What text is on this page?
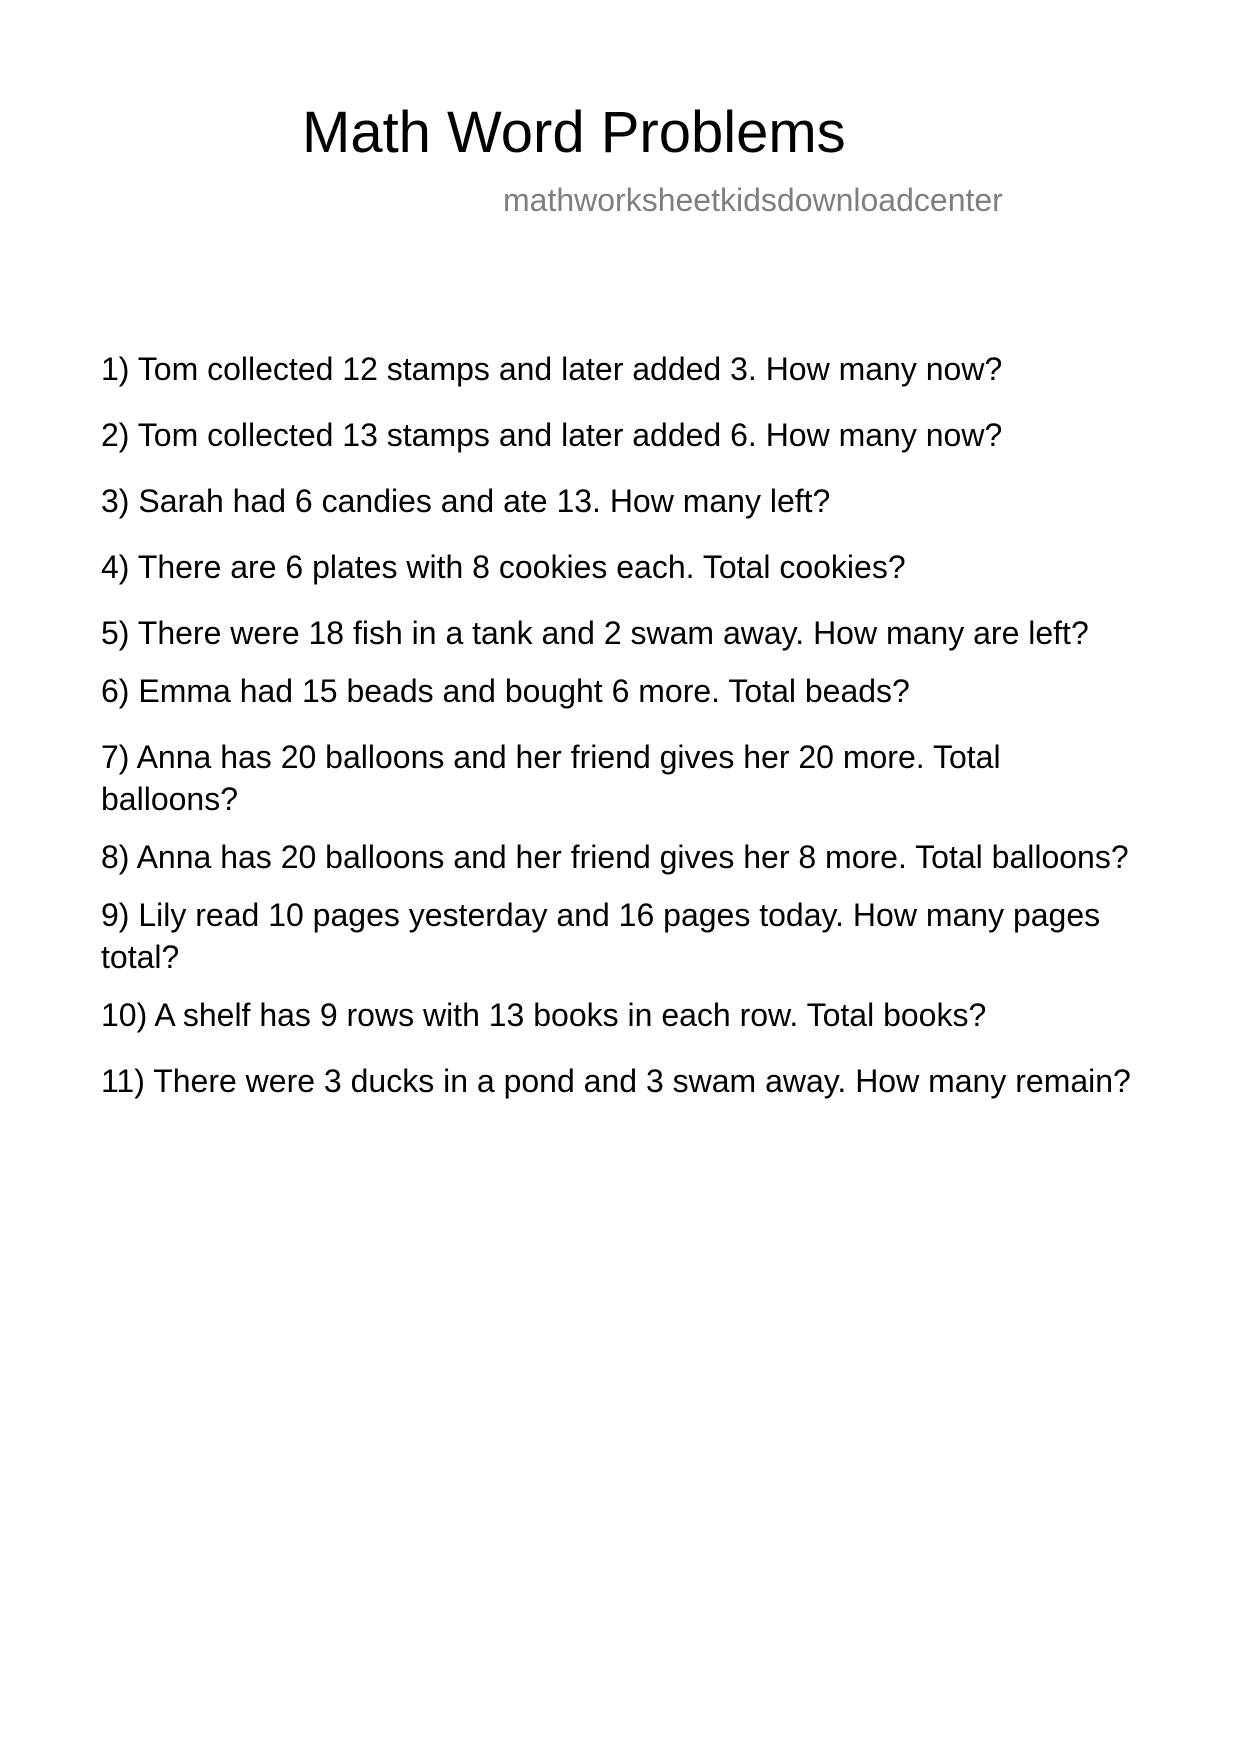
Math Word Problems
mathworksheetkidsdownloadcenter
1) Tom collected 12 stamps and later added 3. How many now?
2) Tom collected 13 stamps and later added 6. How many now?
3) Sarah had 6 candies and ate 13. How many left?
4) There are 6 plates with 8 cookies each. Total cookies?
5) There were 18 fish in a tank and 2 swam away. How many are left?
6) Emma had 15 beads and bought 6 more. Total beads?
7) Anna has 20 balloons and her friend gives her 20 more. Total balloons?
8) Anna has 20 balloons and her friend gives her 8 more. Total balloons?
9) Lily read 10 pages yesterday and 16 pages today. How many pages total?
10) A shelf has 9 rows with 13 books in each row. Total books?
11) There were 3 ducks in a pond and 3 swam away. How many remain?
